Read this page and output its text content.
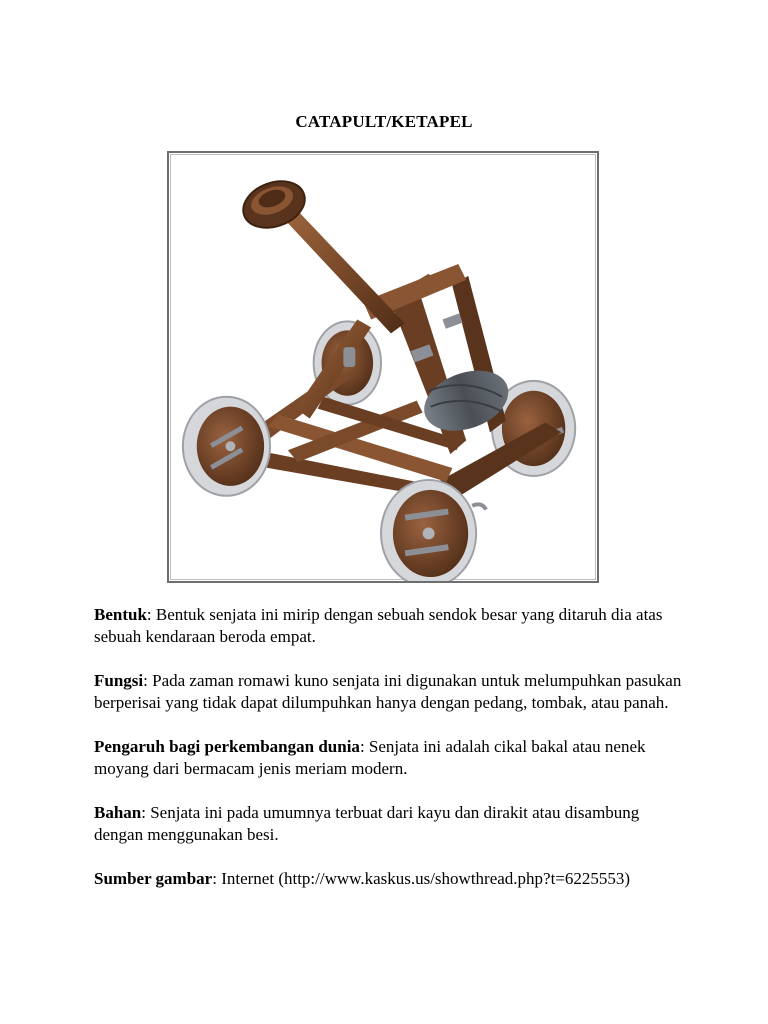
CATAPULT/KETAPEL

Bentuk: Bentuk senjata ini mirip dengan sebuah sendok besar yang ditaruh dia atas sebuah kendaraan beroda empat.

Fungsi: Pada zaman romawi kuno senjata ini digunakan untuk melumpuhkan pasukan berperisai yang tidak dapat dilumpuhkan hanya dengan pedang, tombak, atau panah.

Pengaruh bagi perkembangan dunia: Senjata ini adalah cikal bakal atau nenek moyang dari bermacam jenis meriam modern.

Bahan: Senjata ini pada umumnya terbuat dari kayu dan dirakit atau disambung dengan menggunakan besi.

Sumber gambar: Internet (http://www.kaskus.us/showthread.php?t=6225553)
